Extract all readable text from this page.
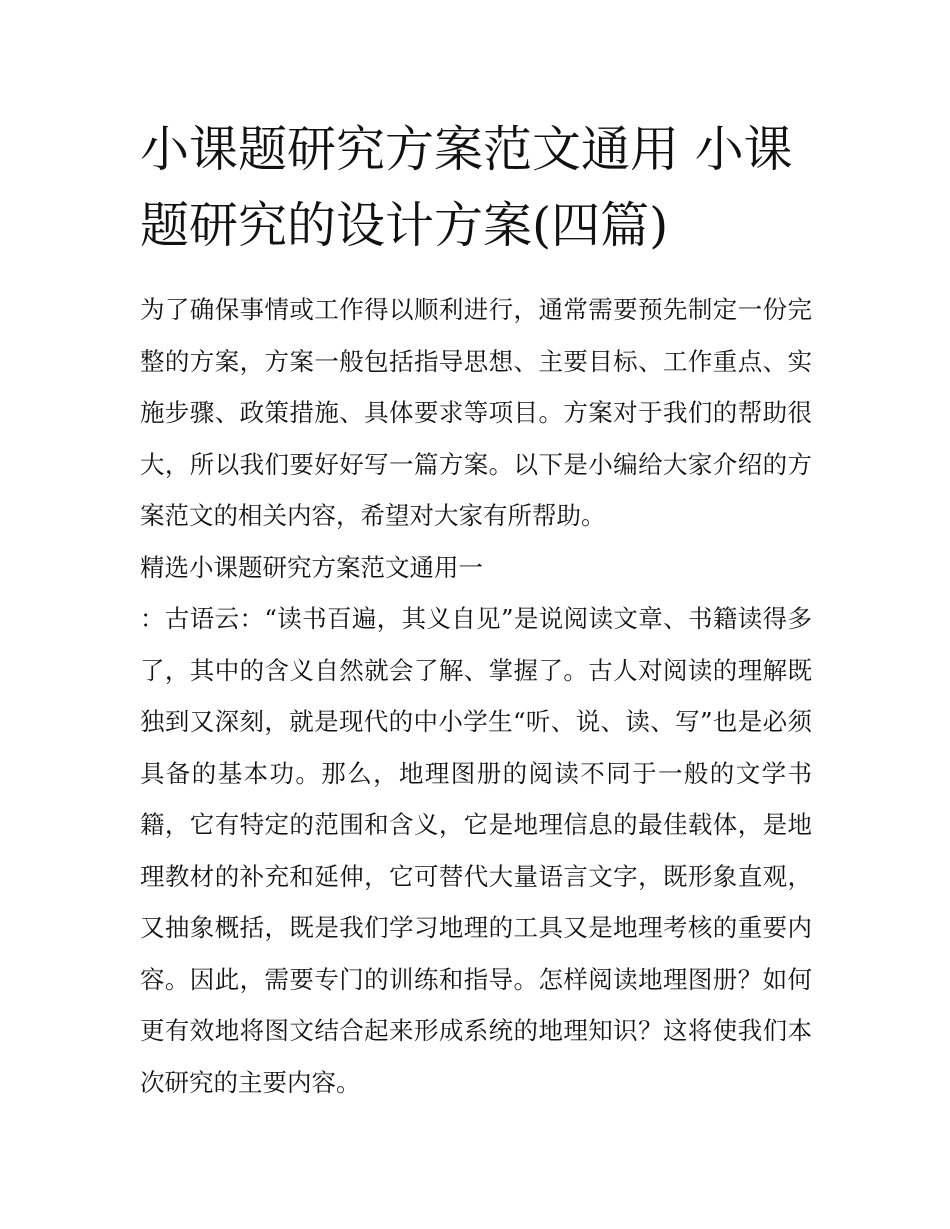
小课题研究方案范文通用 小课题研究的设计方案(四篇)

为了确保事情或工作得以顺利进行，通常需要预先制定一份完整的方案，方案一般包括指导思想、主要目标、工作重点、实施步骤、政策措施、具体要求等项目。方案对于我们的帮助很大，所以我们要好好写一篇方案。以下是小编给大家介绍的方案范文的相关内容，希望对大家有所帮助。

精选小课题研究方案范文通用一

：古语云：“读书百遍，其义自见”是说阅读文章、书籍读得多了，其中的含义自然就会了解、掌握了。古人对阅读的理解既独到又深刻，就是现代的中小学生“听、说、读、写”也是必须具备的基本功。那么，地理图册的阅读不同于一般的文学书籍，它有特定的范围和含义，它是地理信息的最佳载体，是地理教材的补充和延伸，它可替代大量语言文字，既形象直观，又抽象概括，既是我们学习地理的工具又是地理考核的重要内容。因此，需要专门的训练和指导。怎样阅读地理图册？如何更有效地将图文结合起来形成系统的地理知识？这将使我们本次研究的主要内容。
